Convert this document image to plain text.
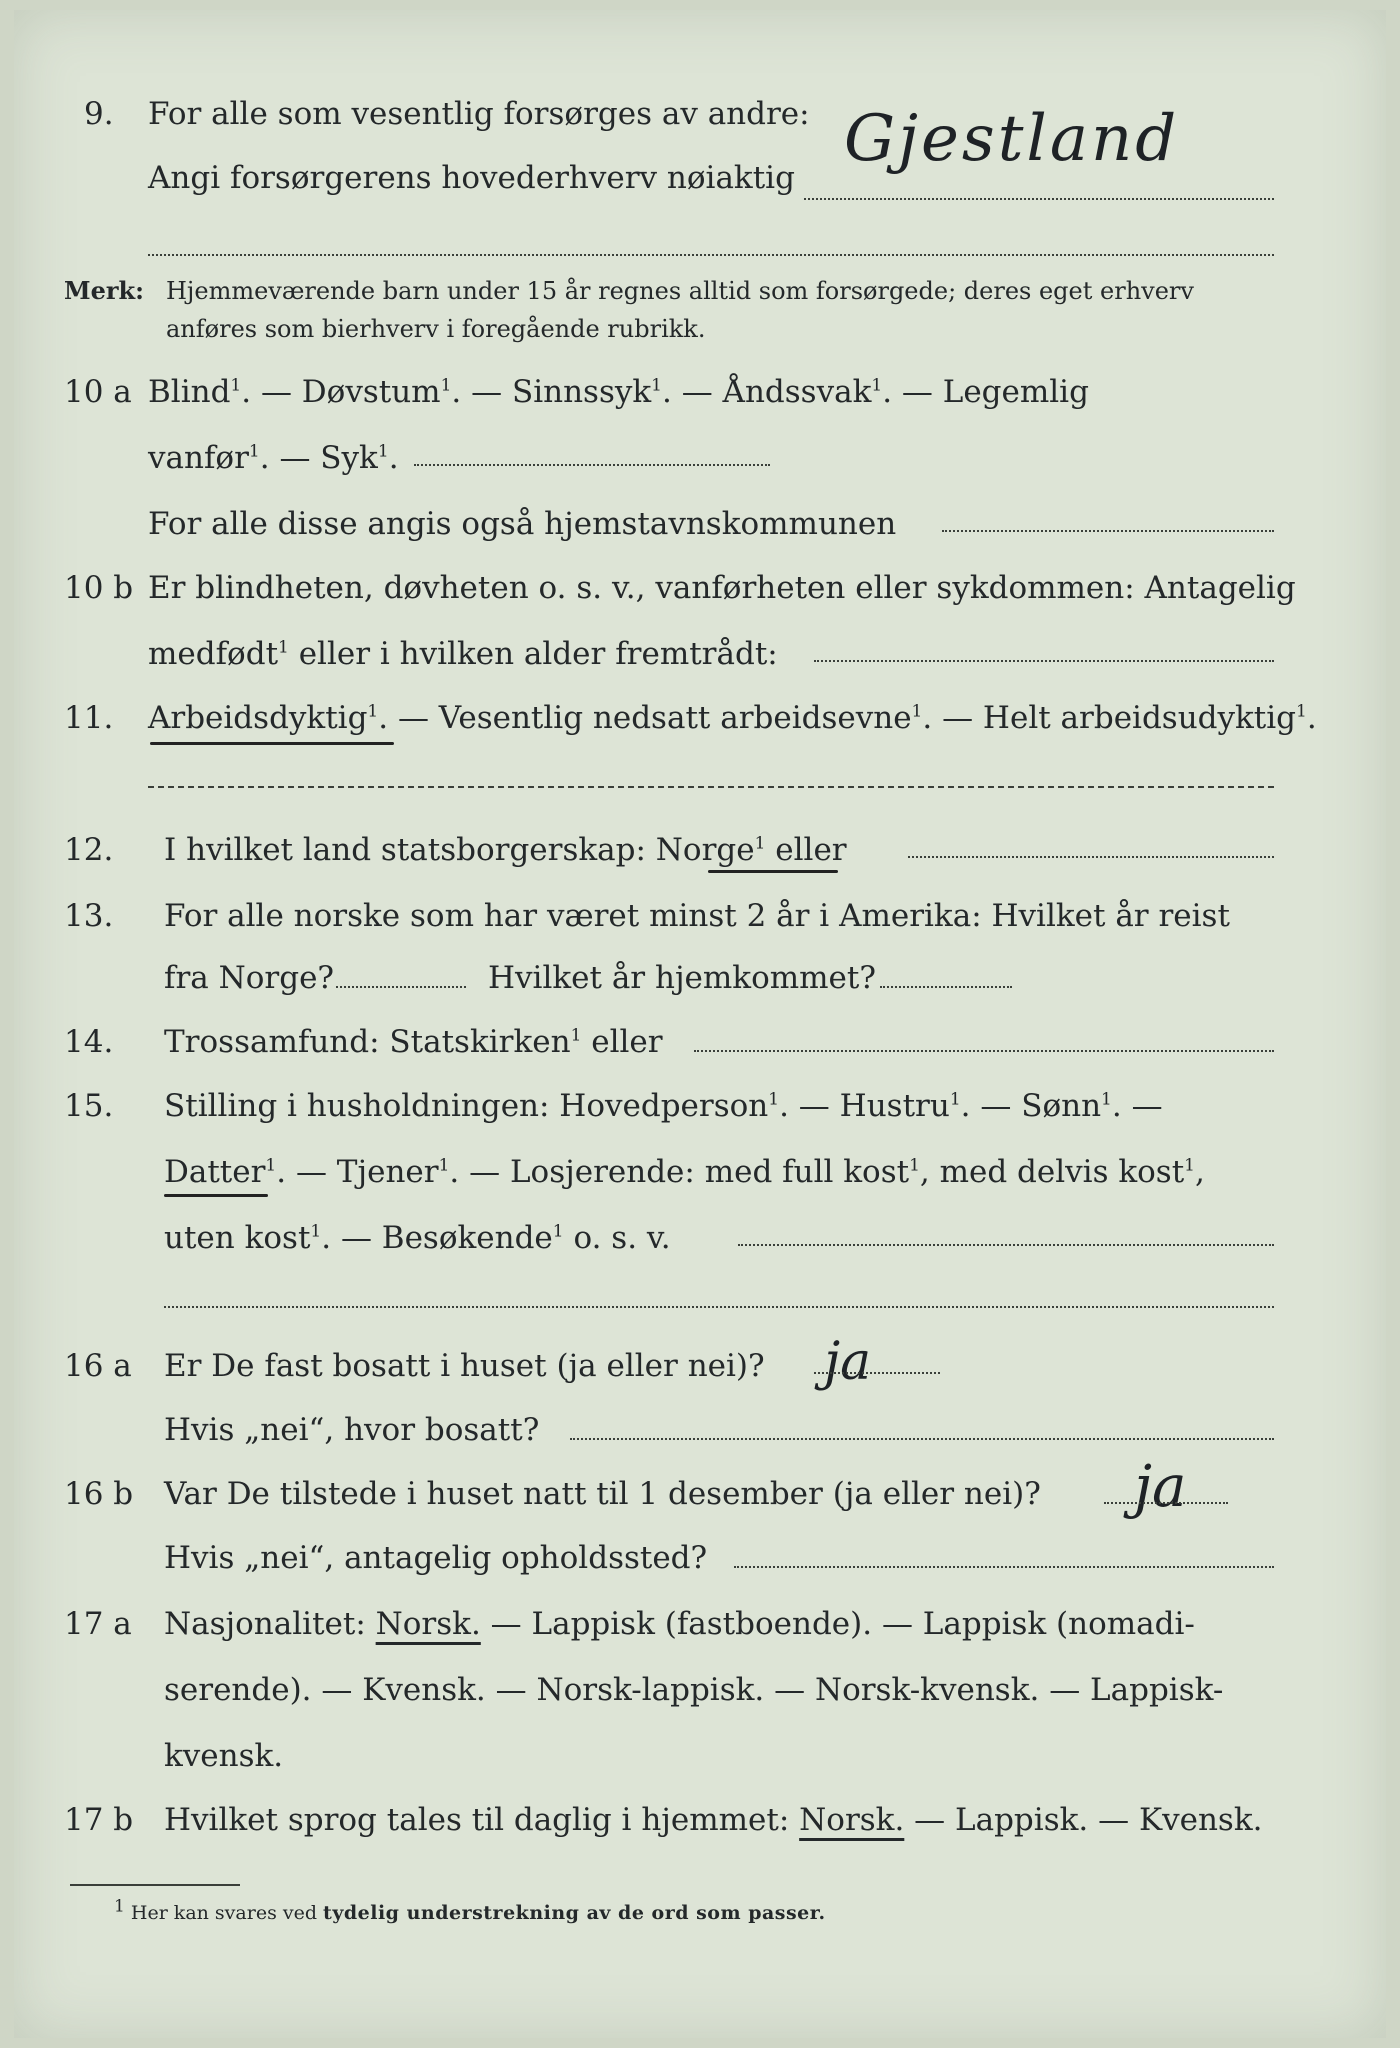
9. For alle som vesentlig forsørges av andre:
Angi forsørgerens hovederhverv nøiaktig
Gjestland
Merk: Hjemmeværende barn under 15 år regnes alltid som forsørgede; deres eget erhverv
anføres som bierhverv i foregående rubrikk.
10 a Blind$^1$. — Døvstum$^1$. — Sinnssyk$^1$. — Åndssvak$^1$. — Legemlig
vanfør$^1$. — Syk$^1$.
For alle disse angis også hjemstavnskommunen
10 b Er blindheten, døvheten o. s. v., vanførheten eller sykdommen: Antagelig
medfødt$^1$ eller i hvilken alder fremtrådt:
11. Arbeidsdyktig$^1$. — Vesentlig nedsatt arbeidsevne$^1$. — Helt arbeidsudyktig$^1$.
12. I hvilket land statsborgerskap: Norge$^1$ eller
13. For alle norske som har været minst 2 år i Amerika: Hvilket år reist
fra Norge?	Hvilket år hjemkommet?
14. Trossamfund: Statskirken$^1$ eller
15. Stilling i husholdningen: Hovedperson$^1$. — Hustru$^1$. — Sønn$^1$. —
Datter$^1$. — Tjener$^1$. — Losjerende: med full kost$^1$, med delvis kost$^1$,
uten kost$^1$. — Besøkende$^1$ o. s. v.
16 a Er De fast bosatt i huset (ja eller nei)? ja
Hvis „nei“, hvor bosatt?
16 b Var De tilstede i huset natt til 1 desember (ja eller nei)? ja
Hvis „nei“, antagelig opholdssted?
17 a Nasjonalitet: Norsk. — Lappisk (fastboende). — Lappisk (nomadi-
serende). — Kvensk. — Norsk-lappisk. — Norsk-kvensk. — Lappisk-
kvensk.
17 b Hvilket sprog tales til daglig i hjemmet: Norsk. — Lappisk. — Kvensk.
1 Her kan svares ved tydelig understrekning av de ord som passer.
